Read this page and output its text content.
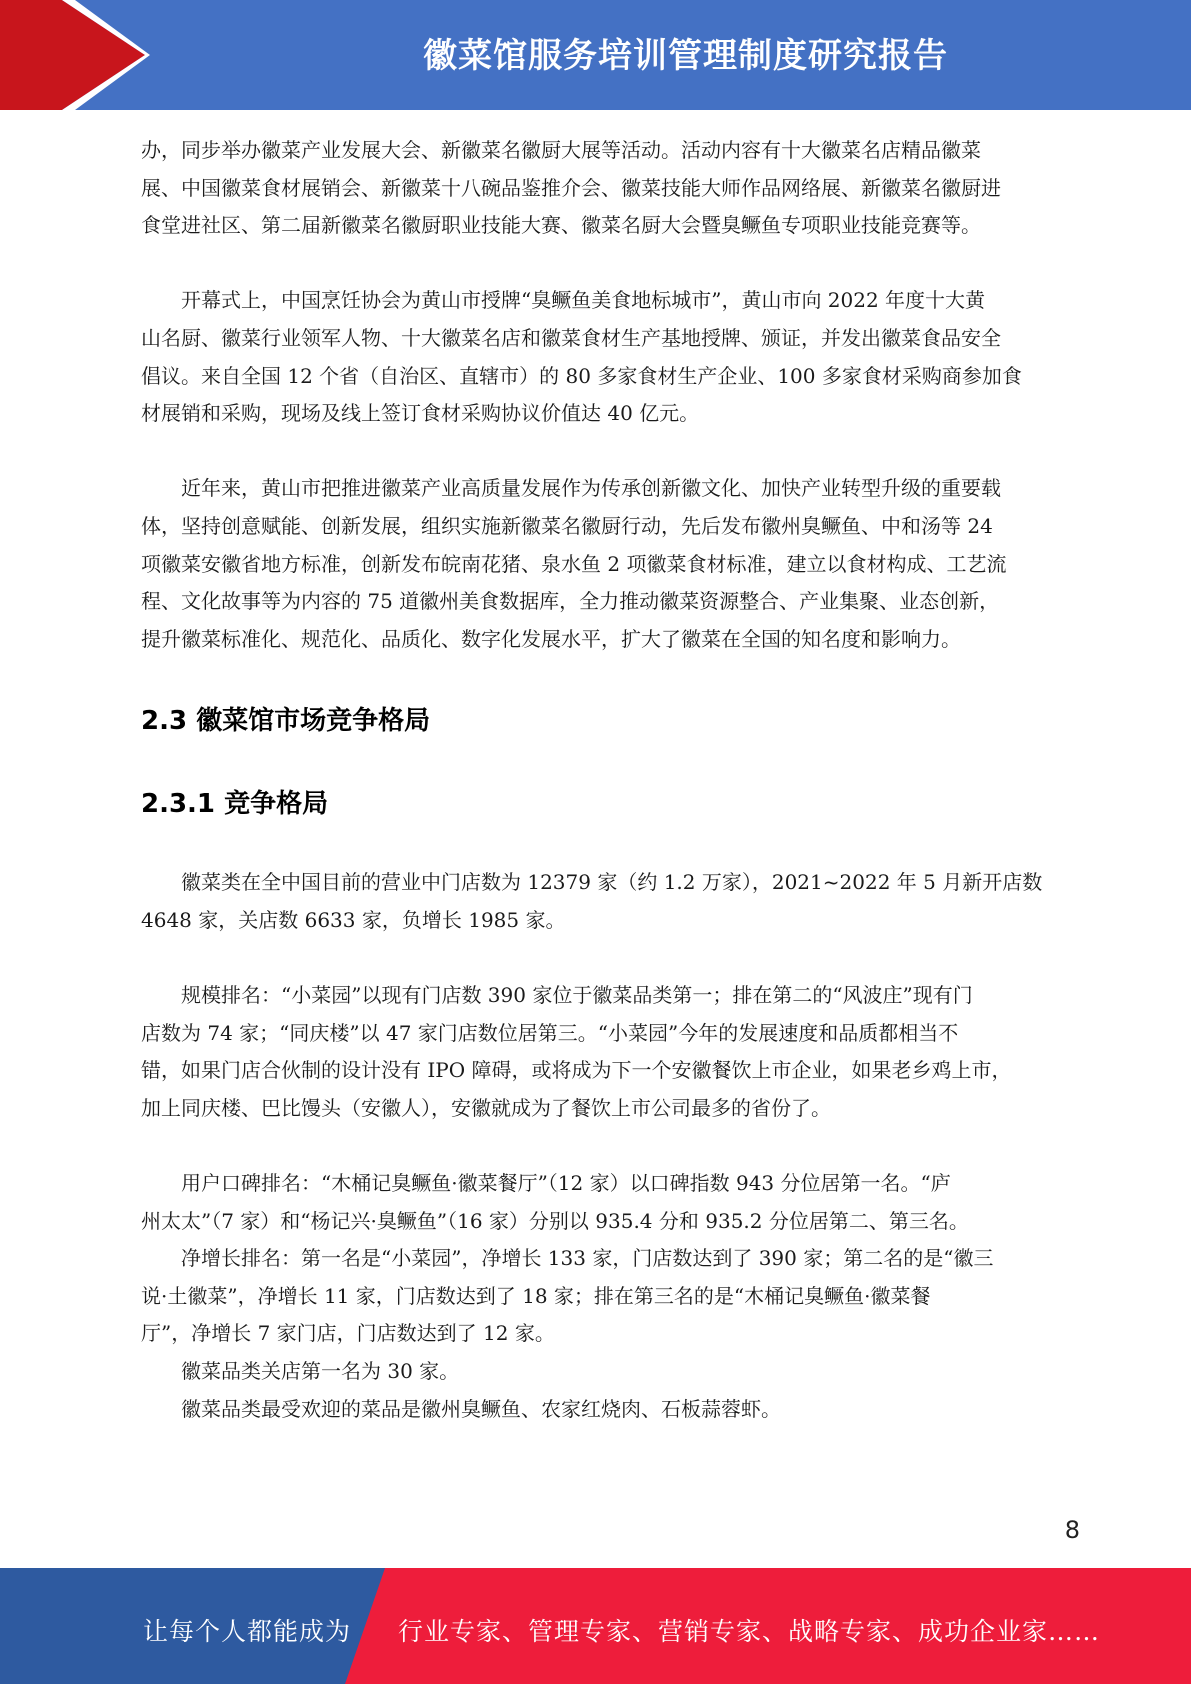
徽菜馆服务培训管理制度研究报告

办，同步举办徽菜产业发展大会、新徽菜名徽厨大展等活动。活动内容有十大徽菜名店精品徽菜
展、中国徽菜食材展销会、新徽菜十八碗品鉴推介会、徽菜技能大师作品网络展、新徽菜名徽厨进
食堂进社区、第二届新徽菜名徽厨职业技能大赛、徽菜名厨大会暨臭鳜鱼专项职业技能竞赛等。

开幕式上，中国烹饪协会为黄山市授牌“臭鳜鱼美食地标城市”，黄山市向 2022 年度十大黄
山名厨、徽菜行业领军人物、十大徽菜名店和徽菜食材生产基地授牌、颁证，并发出徽菜食品安全
倡议。来自全国 12 个省（自治区、直辖市）的 80 多家食材生产企业、100 多家食材采购商参加食
材展销和采购，现场及线上签订食材采购协议价值达 40 亿元。

近年来，黄山市把推进徽菜产业高质量发展作为传承创新徽文化、加快产业转型升级的重要载
体，坚持创意赋能、创新发展，组织实施新徽菜名徽厨行动，先后发布徽州臭鳜鱼、中和汤等 24
项徽菜安徽省地方标准，创新发布皖南花猪、泉水鱼 2 项徽菜食材标准，建立以食材构成、工艺流
程、文化故事等为内容的 75 道徽州美食数据库，全力推动徽菜资源整合、产业集聚、业态创新，
提升徽菜标准化、规范化、品质化、数字化发展水平，扩大了徽菜在全国的知名度和影响力。

2.3 徽菜馆市场竞争格局
2.3.1 竞争格局

徽菜类在全中国目前的营业中门店数为 12379 家（约 1.2 万家），2021~2022 年 5 月新开店数
4648 家，关店数 6633 家，负增长 1985 家。

规模排名：“小菜园”以现有门店数 390 家位于徽菜品类第一；排在第二的“风波庄”现有门
店数为 74 家；“同庆楼”以 47 家门店数位居第三。“小菜园”今年的发展速度和品质都相当不
错，如果门店合伙制的设计没有 IPO 障碍，或将成为下一个安徽餐饮上市企业，如果老乡鸡上市，
加上同庆楼、巴比馒头（安徽人），安徽就成为了餐饮上市公司最多的省份了。

用户口碑排名：“木桶记臭鳜鱼·徽菜餐厅”（12 家）以口碑指数 943 分位居第一名。“庐
州太太”（7 家）和“杨记兴·臭鳜鱼”（16 家）分别以 935.4 分和 935.2 分位居第二、第三名。

净增长排名：第一名是“小菜园”，净增长 133 家，门店数达到了 390 家；第二名的是“徽三
说·土徽菜”，净增长 11 家，门店数达到了 18 家；排在第三名的是“木桶记臭鳜鱼·徽菜餐
厅”，净增长 7 家门店，门店数达到了 12 家。

徽菜品类关店第一名为 30 家。

徽菜品类最受欢迎的菜品是徽州臭鳜鱼、农家红烧肉、石板蒜蓉虾。

8
让每个人都能成为 行业专家、管理专家、营销专家、战略专家、成功企业家……
